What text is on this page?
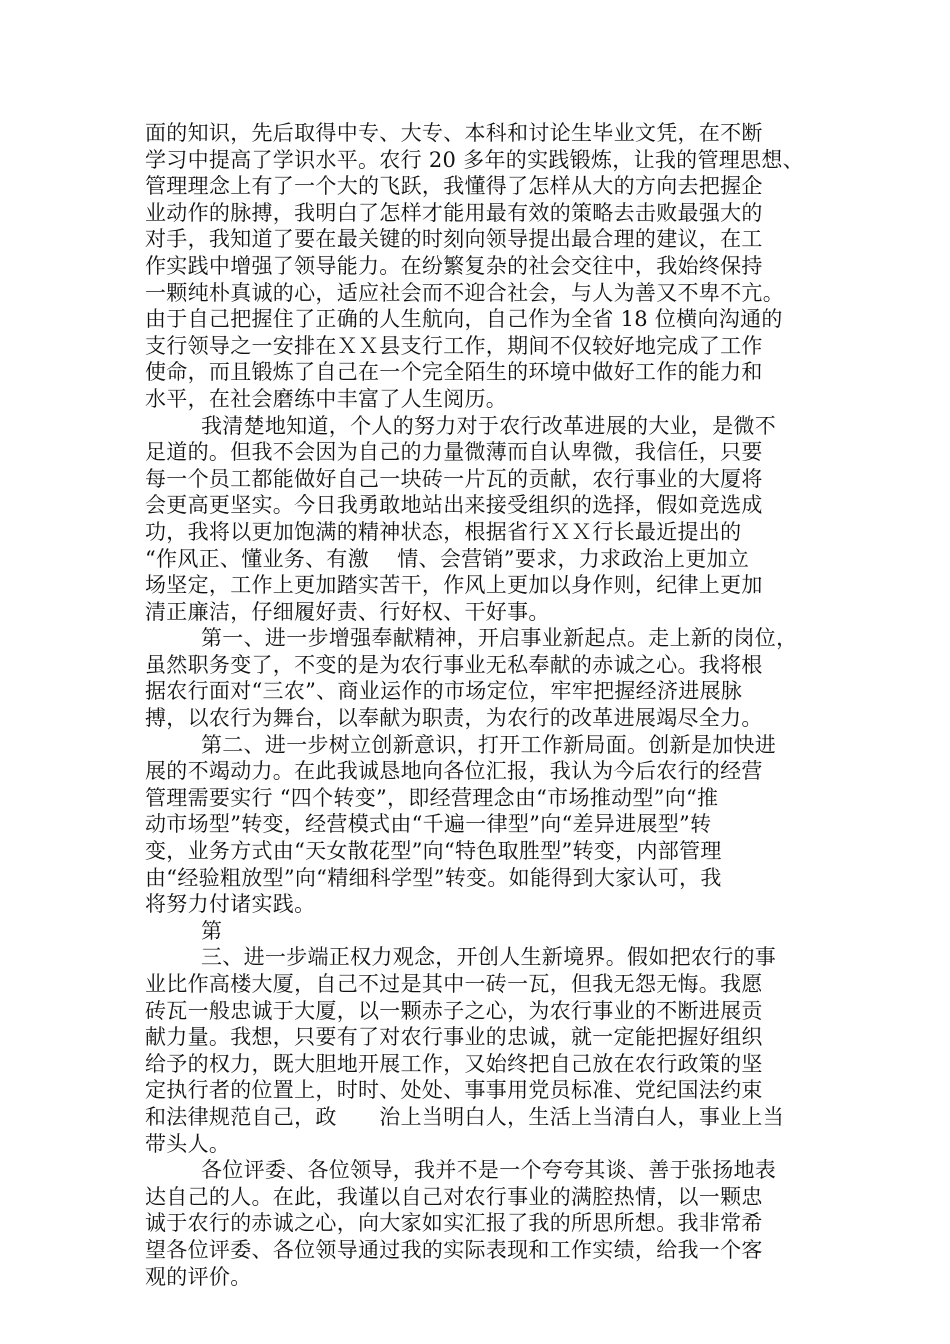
面的知识，先后取得中专、大专、本科和讨论生毕业文凭，在不断
学习中提高了学识水平。农行 20 多年的实践锻炼，让我的管理思想、
管理理念上有了一个大的飞跃，我懂得了怎样从大的方向去把握企
业动作的脉搏，我明白了怎样才能用最有效的策略去击败最强大的
对手，我知道了要在最关键的时刻向领导提出最合理的建议，在工
作实践中增强了领导能力。在纷繁复杂的社会交往中，我始终保持
一颗纯朴真诚的心，适应社会而不迎合社会，与人为善又不卑不亢。
由于自己把握住了正确的人生航向，自己作为全省 18 位横向沟通的
支行领导之一安排在ＸＸ县支行工作，期间不仅较好地完成了工作
使命，而且锻炼了自己在一个完全陌生的环境中做好工作的能力和
水平，在社会磨练中丰富了人生阅历。
我清楚地知道，个人的努力对于农行改革进展的大业，是微不
足道的。但我不会因为自己的力量微薄而自认卑微，我信任，只要
每一个员工都能做好自己一块砖一片瓦的贡献，农行事业的大厦将
会更高更坚实。今日我勇敢地站出来接受组织的选择，假如竞选成
功，我将以更加饱满的精神状态，根据省行ＸＸ行长最近提出的
“作风正、懂业务、有激　 情、会营销”要求，力求政治上更加立
场坚定，工作上更加踏实苦干，作风上更加以身作则，纪律上更加
清正廉洁，仔细履好责、行好权、干好事。
第一、进一步增强奉献精神，开启事业新起点。走上新的岗位，
虽然职务变了，不变的是为农行事业无私奉献的赤诚之心。我将根
据农行面对“三农”、商业运作的市场定位，牢牢把握经济进展脉
搏，以农行为舞台，以奉献为职责，为农行的改革进展竭尽全力。
第二、进一步树立创新意识，打开工作新局面。创新是加快进
展的不竭动力。在此我诚恳地向各位汇报，我认为今后农行的经营
管理需要实行 “四个转变”，即经营理念由“市场推动型”向“推
动市场型”转变，经营模式由“千遍一律型”向“差异进展型”转
变，业务方式由“天女散花型”向“特色取胜型”转变，内部管理
由“经验粗放型”向“精细科学型”转变。如能得到大家认可，我
将努力付诸实践。
第
三、进一步端正权力观念，开创人生新境界。假如把农行的事
业比作高楼大厦，自己不过是其中一砖一瓦，但我无怨无悔。我愿
砖瓦一般忠诚于大厦，以一颗赤子之心，为农行事业的不断进展贡
献力量。我想，只要有了对农行事业的忠诚，就一定能把握好组织
给予的权力，既大胆地开展工作，又始终把自己放在农行政策的坚
定执行者的位置上，时时、处处、事事用党员标准、党纪国法约束
和法律规范自己，政　　治上当明白人，生活上当清白人，事业上当
带头人。
各位评委、各位领导，我并不是一个夸夸其谈、善于张扬地表
达自己的人。在此，我谨以自己对农行事业的满腔热情，以一颗忠
诚于农行的赤诚之心，向大家如实汇报了我的所思所想。我非常希
望各位评委、各位领导通过我的实际表现和工作实绩，给我一个客
观的评价。
